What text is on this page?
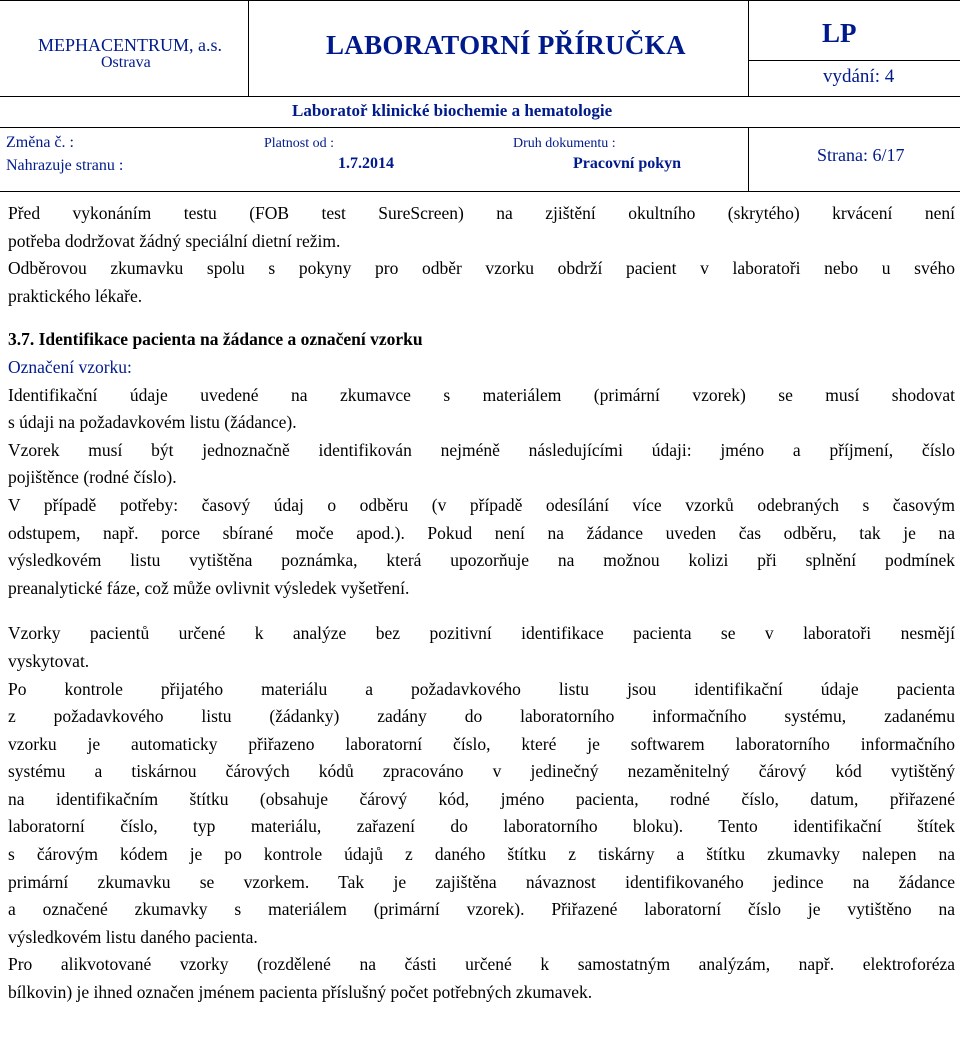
MEPHACENTRUM, a.s.
Ostrava
LABORATORNÍ PŘÍRUČKA	LP
vydání: 4
Laboratoř klinické biochemie a hematologie
Změna č. :
Nahrazuje stranu :
Platnost od :
1.7.2014
Druh dokumentu :
Pracovní pokyn	Strana: 6/17

Před vykonáním testu (FOB test SureScreen) na zjištění okultního (skrytého) krvácení není
potřeba dodržovat žádný speciální dietní režim.

Odběrovou zkumavku spolu s pokyny pro odběr vzorku obdrží pacient v laboratoři nebo u svého
praktického lékaře.

3.7. Identifikace pacienta na žádance a označení vzorku

Označení vzorku:

Identifikační údaje uvedené na zkumavce s materiálem (primární vzorek) se musí shodovat
s údaji na požadavkovém listu (žádance).

Vzorek musí být jednoznačně identifikován nejméně následujícími údaji: jméno a příjmení, číslo
pojištěnce (rodné číslo).

V případě potřeby: časový údaj o odběru (v případě odesílání více vzorků odebraných s časovým
odstupem, např. porce sbírané moče apod.). Pokud není na žádance uveden čas odběru, tak je na
výsledkovém listu vytištěna poznámka, která upozorňuje na možnou kolizi při splnění podmínek
preanalytické fáze, což může ovlivnit výsledek vyšetření.

Vzorky pacientů určené k analýze bez pozitivní identifikace pacienta se v laboratoři nesmějí
vyskytovat.

Po kontrole přijatého materiálu a požadavkového listu jsou identifikační údaje pacienta
z požadavkového listu (žádanky) zadány do laboratorního informačního systému, zadanému
vzorku je automaticky přiřazeno laboratorní číslo, které je softwarem laboratorního informačního
systému a tiskárnou čárových kódů zpracováno v jedinečný nezaměnitelný čárový kód vytištěný
na identifikačním štítku (obsahuje čárový kód, jméno pacienta, rodné číslo, datum, přiřazené
laboratorní číslo, typ materiálu, zařazení do laboratorního bloku). Tento identifikační štítek
s čárovým kódem je po kontrole údajů z daného štítku z tiskárny a štítku zkumavky nalepen na
primární zkumavku se vzorkem. Tak je zajištěna návaznost identifikovaného jedince na žádance
a označené zkumavky s materiálem (primární vzorek). Přiřazené laboratorní číslo je vytištěno na
výsledkovém listu daného pacienta.

Pro alikvotované vzorky (rozdělené na části určené k samostatným analýzám, např. elektroforéza
bílkovin) je ihned označen jménem pacienta příslušný počet potřebných zkumavek.
